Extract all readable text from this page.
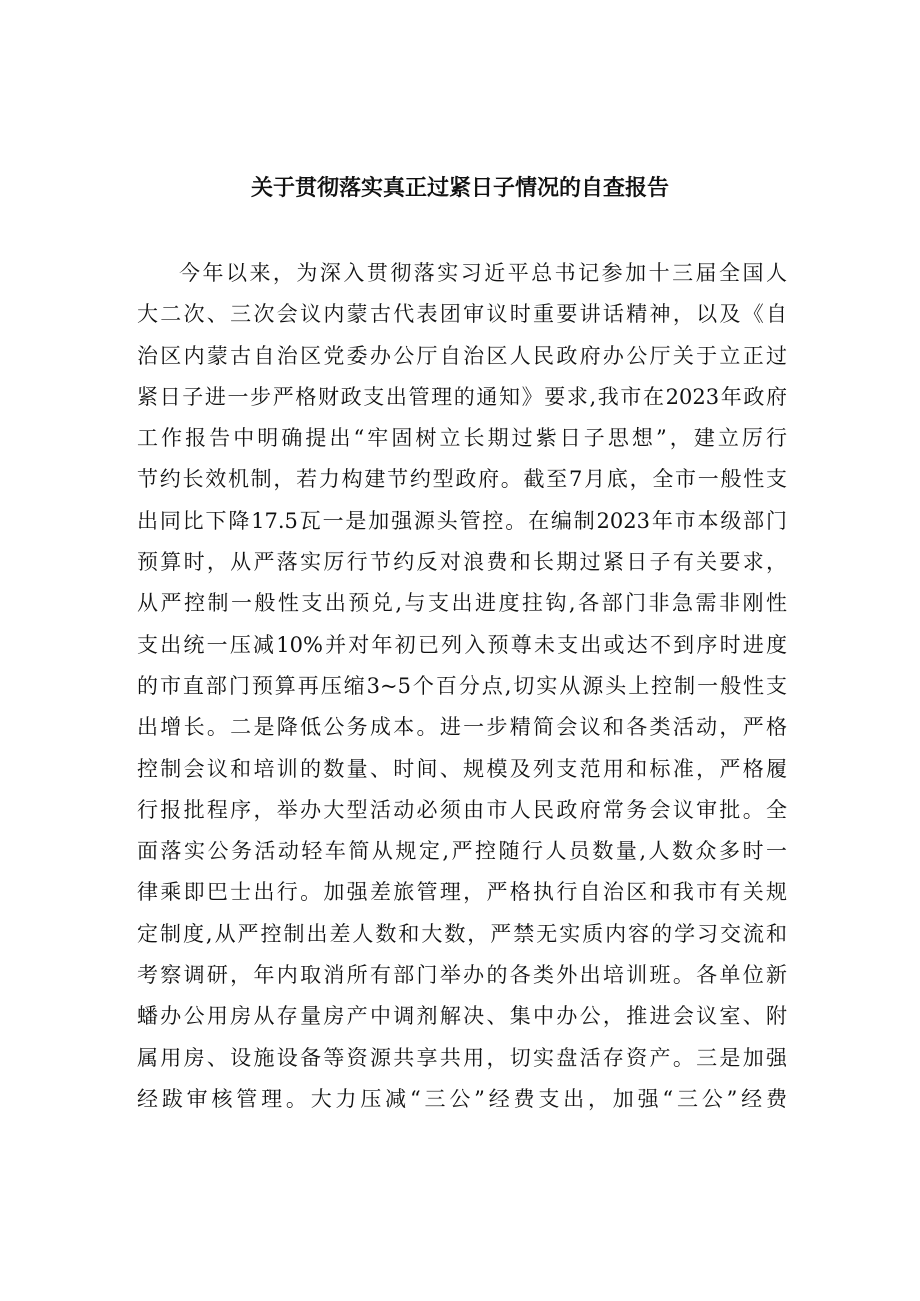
关于贯彻落实真正过紧日子情况的自查报告
今年以来，为深入贯彻落实习近平总书记参加十三届全国人
大二次、三次会议内蒙古代表团审议时重要讲话精神，以及《自
治区内蒙古自治区党委办公厅自治区人民政府办公厅关于立正过
紧日子进一步严格财政支出管理的通知》要求,我市在2023年政府
工作报告中明确提出“牢固树立长期过紫日子思想”，建立厉行
节约长效机制，若力构建节约型政府。截至7月底，全市一般性支
出同比下降17.5瓦一是加强源头管控。在编制2023年市本级部门
预算时，从严落实厉行节约反对浪费和长期过紧日子有关要求，
从严控制一般性支出预兑,与支出进度拄钩,各部门非急需非刚性
支出统一压减10%并对年初已列入预尊未支出或达不到序时进度
的市直部门预算再压缩3~5个百分点,切实从源头上控制一般性支
出增长。二是降低公务成本。进一步精简会议和各类活动，严格
控制会议和培训的数量、时间、规模及列支范用和标准，严格履
行报批程序，举办大型活动必须由市人民政府常务会议审批。全
面落实公务活动轻车简从规定,严控随行人员数量,人数众多时一
律乘即巴士出行。加强差旅管理，严格执行自治区和我市有关规
定制度,从严控制出差人数和大数，严禁无实质内容的学习交流和
考察调研，年内取消所有部门举办的各类外出培训班。各单位新
蟠办公用房从存量房产中调剂解决、集中办公，推进会议室、附
属用房、设施设备等资源共享共用，切实盘活存资产。三是加强
经跋审核管理。大力压减“三公”经费支出，加强“三公”经费
